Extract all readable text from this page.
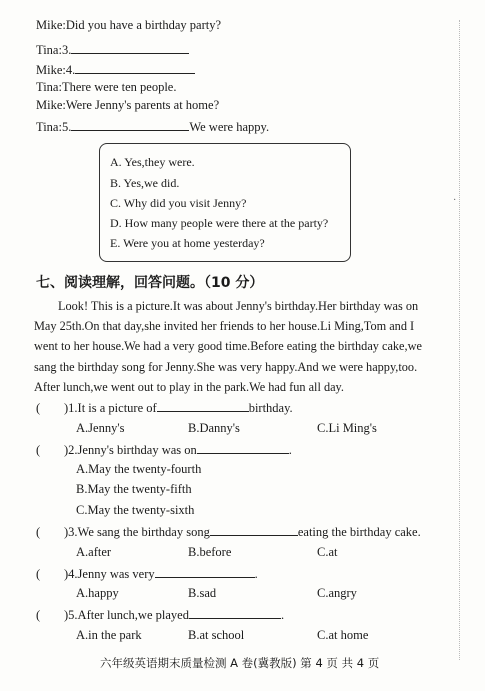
·
Mike:Did you have a birthday party?
Tina:3.
Mike:4.
Tina:There were ten people.
Mike:Were Jenny's parents at home?
Tina:5.	We were happy.
A. Yes,they were.
B. Yes,we did.
C. Why did you visit Jenny?
D. How many people were there at the party?
E. Were you at home yesterday?
七、阅读理解，回答问题。（10 分）
Look! This is a picture.It was about Jenny's birthday.Her birthday was on
May 25th.On that day,she invited her friends to her house.Li Ming,Tom and I
went to her house.We had a very good time.Before eating the birthday cake,we
sang the birthday song for Jenny.She was very happy.And we were happy,too.
After lunch,we went out to play in the park.We had fun all day.
( )1.It is a picture of	birthday.
A.Jenny's	B.Danny's	C.Li Ming's
( )2.Jenny's birthday was on	.
A.May the twenty-fourth
B.May the twenty-fifth
C.May the twenty-sixth
( )3.We sang the birthday song	eating the birthday cake.
A.after	B.before	C.at
( )4.Jenny was very	.
A.happy	B.sad	C.angry
( )5.After lunch,we played	.
A.in the park	B.at school	C.at home
六年级英语期末质量检测 A 卷(冀教版) 第 4 页 共 4 页
